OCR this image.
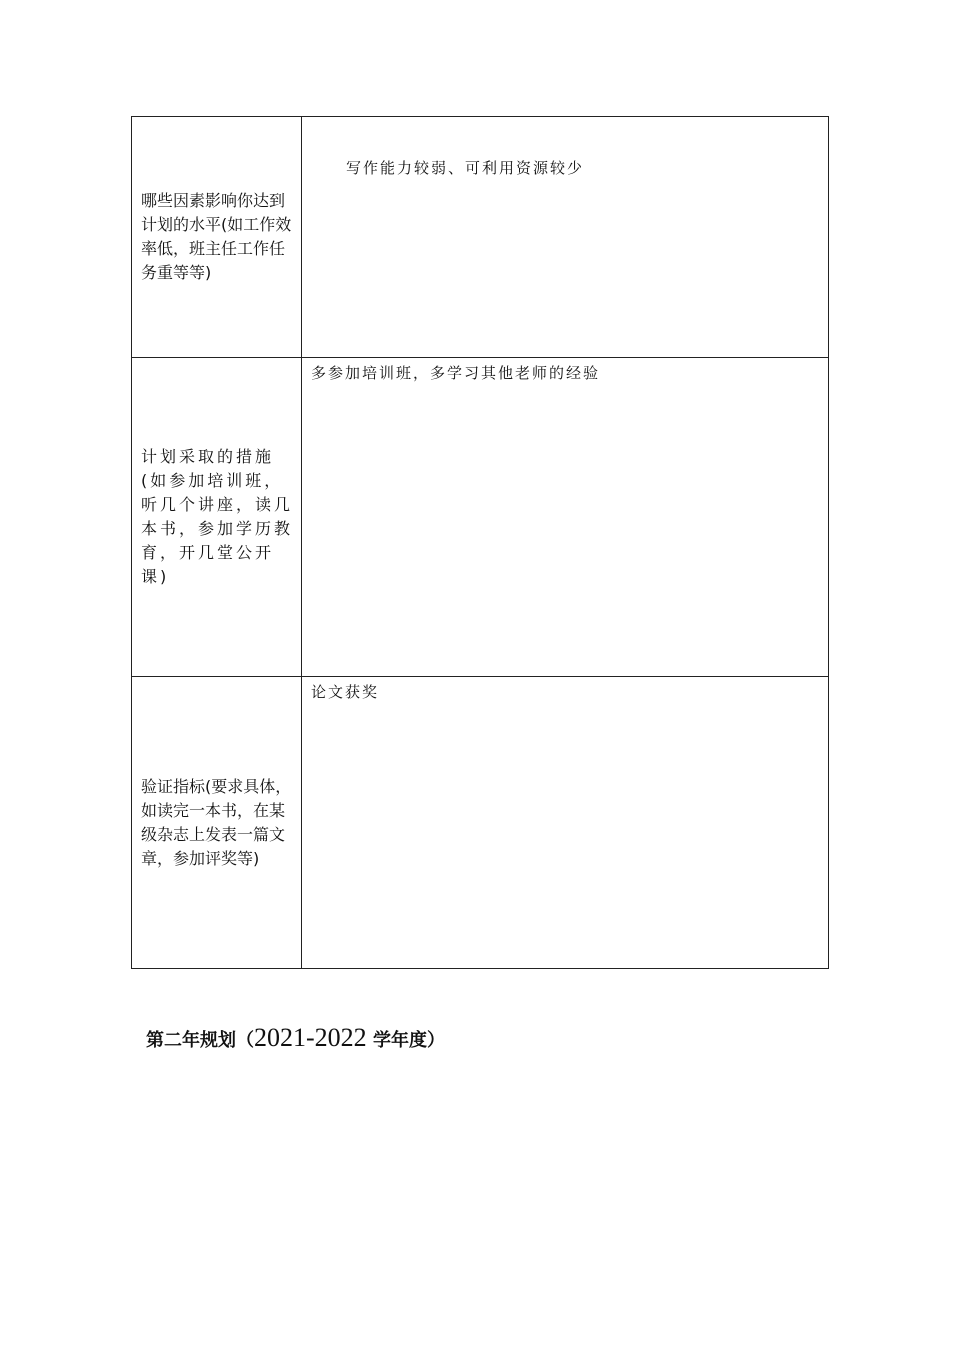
哪些因素影响你达到计划的水平(如工作效率低，班主任工作任务重等等)	写作能力较弱、可利用资源较少

计划采取的措施(如参加培训班，听几个讲座，读几本书，参加学历教育，开几堂公开课)	多参加培训班，多学习其他老师的经验

验证指标(要求具体，如读完一本书，在某级杂志上发表一篇文章，参加评奖等)	论文获奖
第二年规划（2021-2022 学年度）
